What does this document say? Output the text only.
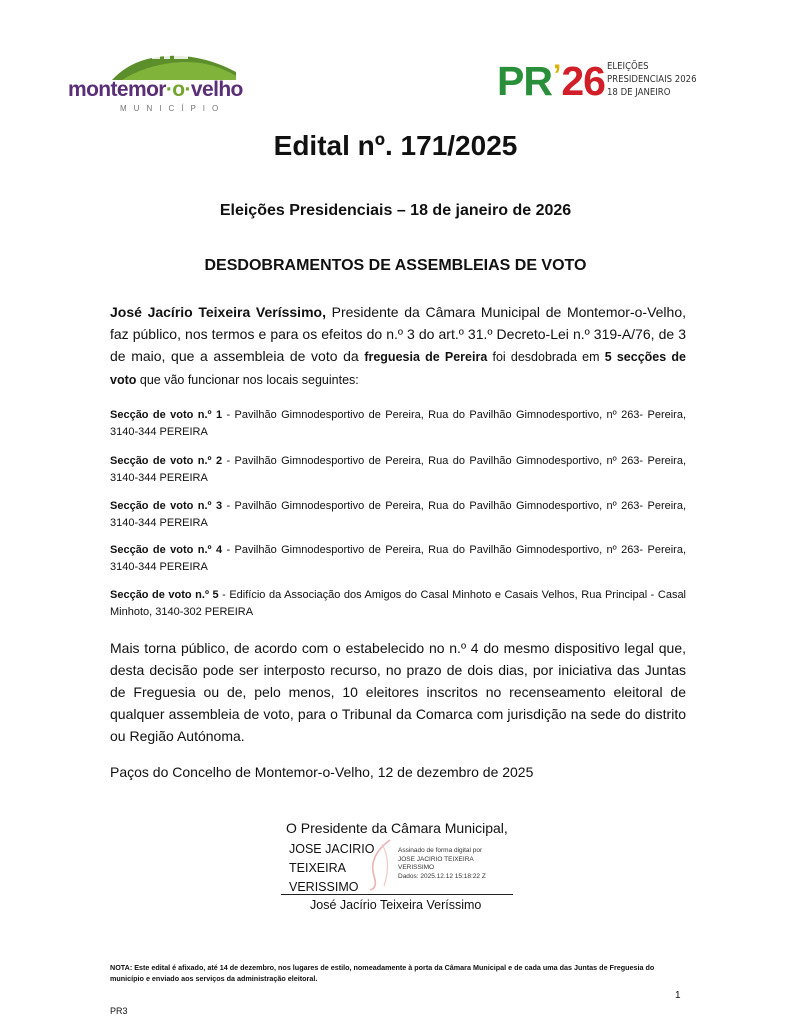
montemor·o·velho
MUNICÍPIO
PR’26 ELEIÇÕES
PRESIDENCIAIS 2026
18 DE JANEIRO
Edital nº. 171/2025
Eleições Presidenciais – 18 de janeiro de 2026
DESDOBRAMENTOS DE ASSEMBLEIAS DE VOTO
José Jacírio Teixeira Veríssimo, Presidente da Câmara Municipal de Montemor-o-Velho, faz público, nos termos e para os efeitos do n.º 3 do art.º 31.º Decreto-Lei n.º 319-A/76, de 3 de maio, que a assembleia de voto da freguesia de Pereira foi desdobrada em 5 secções de voto que vão funcionar nos locais seguintes:
Secção de voto n.º 1 - Pavilhão Gimnodesportivo de Pereira, Rua do Pavilhão Gimnodesportivo, nº 263- Pereira, 3140-344 PEREIRA
Secção de voto n.º 2 - Pavilhão Gimnodesportivo de Pereira, Rua do Pavilhão Gimnodesportivo, nº 263- Pereira, 3140-344 PEREIRA
Secção de voto n.º 3 - Pavilhão Gimnodesportivo de Pereira, Rua do Pavilhão Gimnodesportivo, nº 263- Pereira, 3140-344 PEREIRA
Secção de voto n.º 4 - Pavilhão Gimnodesportivo de Pereira, Rua do Pavilhão Gimnodesportivo, nº 263- Pereira, 3140-344 PEREIRA
Secção de voto n.º 5 - Edifício da Associação dos Amigos do Casal Minhoto e Casais Velhos, Rua Principal - Casal Minhoto, 3140-302 PEREIRA
Mais torna público, de acordo com o estabelecido no n.º 4 do mesmo dispositivo legal que, desta decisão pode ser interposto recurso, no prazo de dois dias, por iniciativa das Juntas de Freguesia ou de, pelo menos, 10 eleitores inscritos no recenseamento eleitoral de qualquer assembleia de voto, para o Tribunal da Comarca com jurisdição na sede do distrito ou Região Autónoma.
Paços do Concelho de Montemor-o-Velho, 12 de dezembro de 2025
O Presidente da Câmara Municipal,
JOSE JACIRIO
TEIXEIRA
VERISSIMO
Assinado de forma digital por
JOSE JACIRIO TEIXEIRA
VERISSIMO
Dados: 2025.12.12 15:18:22 Z
José Jacírio Teixeira Veríssimo
NOTA: Este edital é afixado, até 14 de dezembro, nos lugares de estilo, nomeadamente à porta da Câmara Municipal e de cada uma das Juntas de Freguesia do município e enviado aos serviços da administração eleitoral.
1
PR3
